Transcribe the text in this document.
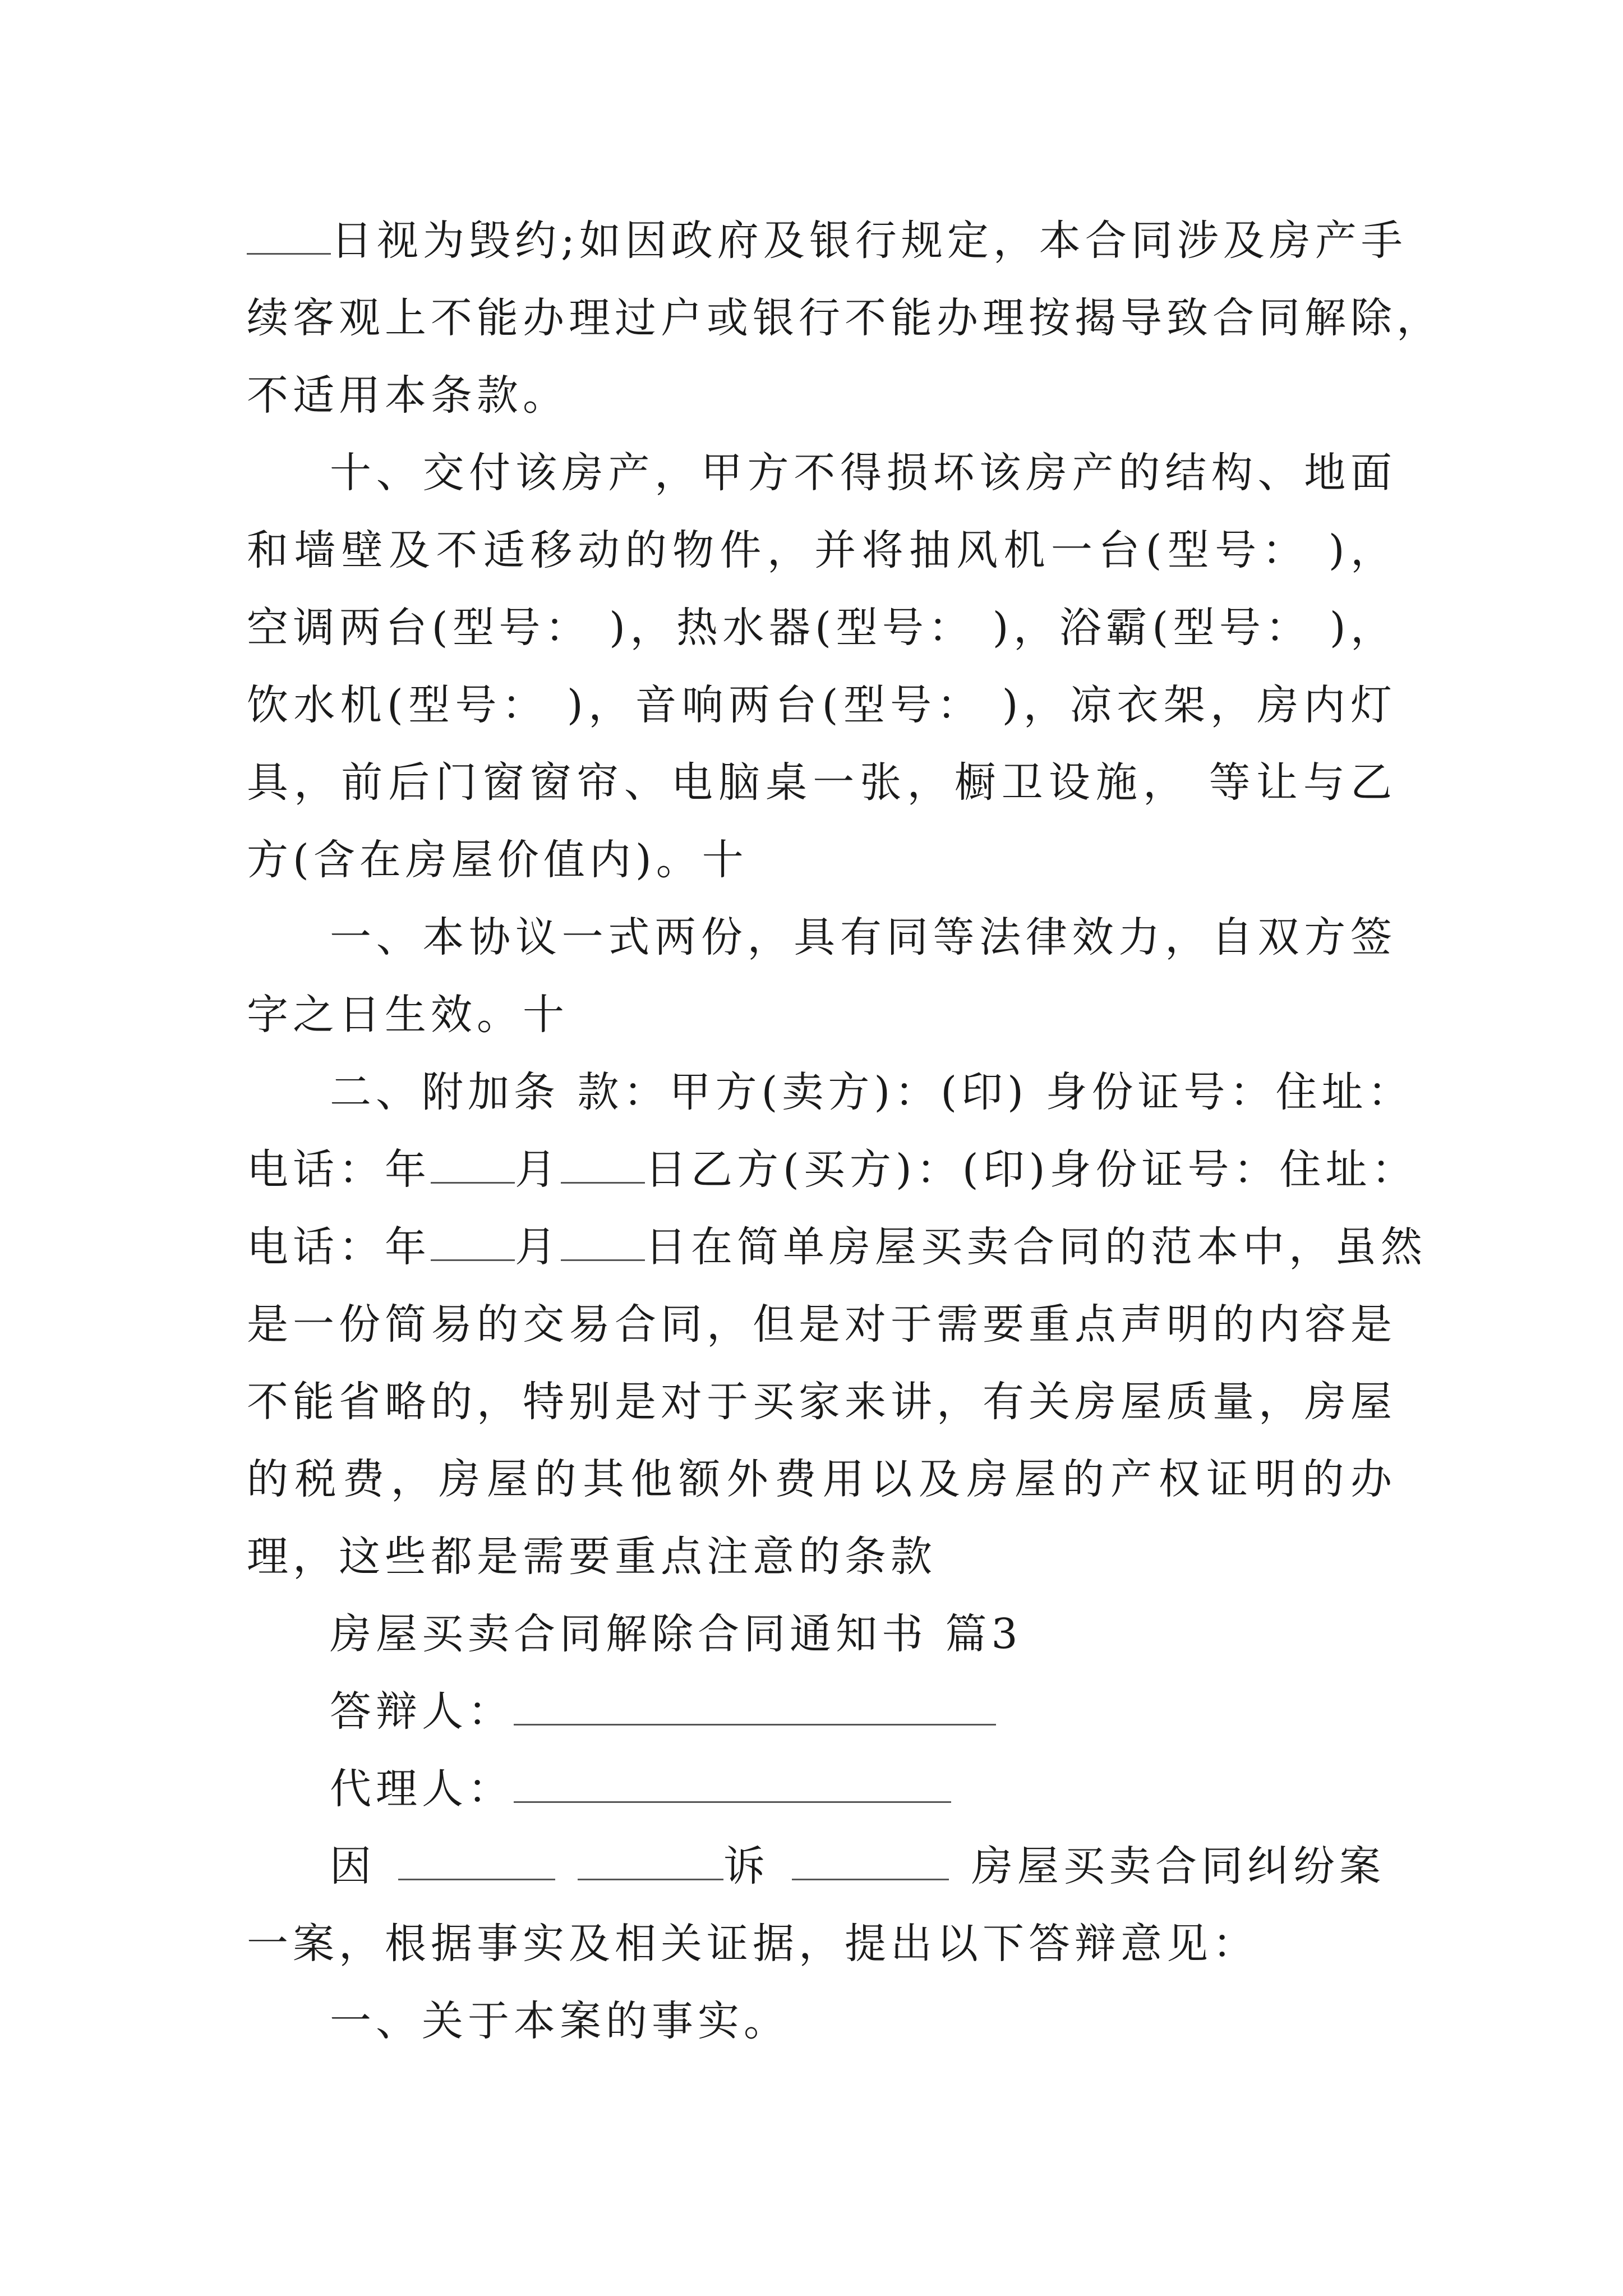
日视为毁约;如因政府及银行规定，本合同涉及房产手
续客观上不能办理过户或银行不能办理按揭导致合同解除，
不适用本条款。

十、交付该房产，甲方不得损坏该房产的结构、地面和墙壁及不适移动的物件，并将抽风机一台(型号： )，空调两台(型号： )，热水器(型号： )，浴霸(型号： )，饮水机(型号： )，音响两台(型号： )，凉衣架，房内灯具，前后门窗窗帘、电脑桌一张，橱卫设施， 等让与乙方(含在房屋价值内)。十

一、本协议一式两份，具有同等法律效力，自双方签字之日生效。十

二、附加条 款：甲方(卖方)：(印) 身份证号：住址：
电话：年 月 日乙方(买方)：(印)身份证号：住址：
电话：年 月 日在简单房屋买卖合同的范本中，虽然

是一份简易的交易合同，但是对于需要重点声明的内容是不能省略的，特别是对于买家来讲，有关房屋质量，房屋的税费，房屋的其他额外费用以及房屋的产权证明的办理，这些都是需要重点注意的条款

房屋买卖合同解除合同通知书 篇3
答辩人：
代理人：
因	诉	房屋买卖合同纠纷案
一案，根据事实及相关证据，提出以下答辩意见：
一、关于本案的事实。
